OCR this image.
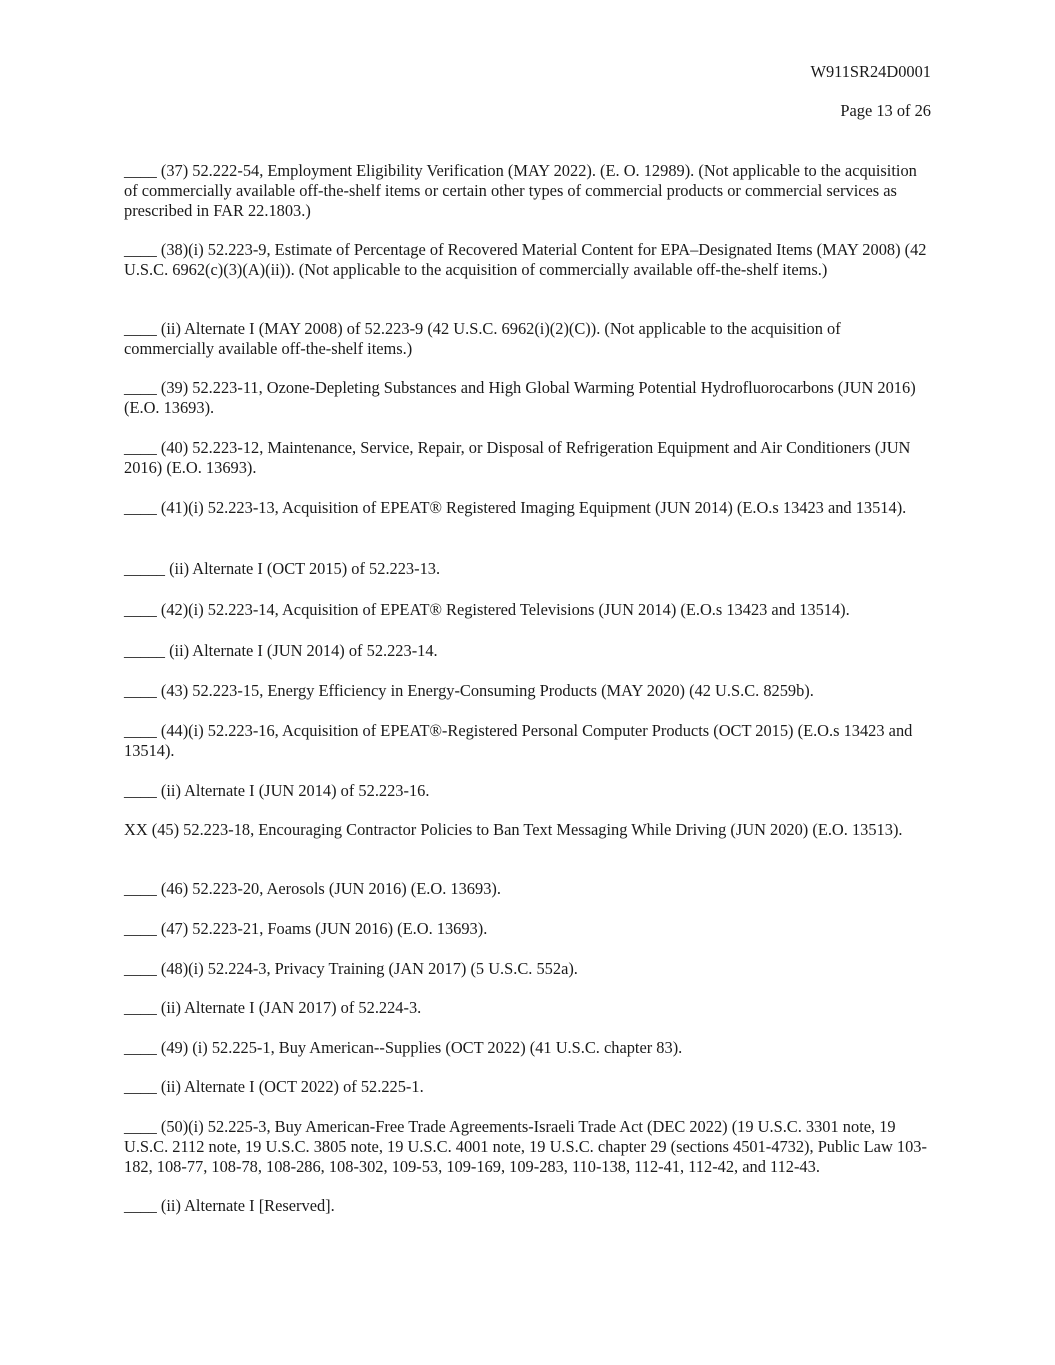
W911SR24D0001
Page 13 of 26

____ (37) 52.222-54, Employment Eligibility Verification (MAY 2022). (E. O. 12989). (Not applicable to the acquisition of commercially available off-the-shelf items or certain other types of commercial products or commercial services as prescribed in FAR 22.1803.)

____ (38)(i) 52.223-9, Estimate of Percentage of Recovered Material Content for EPA–Designated Items (MAY 2008) (42 U.S.C. 6962(c)(3)(A)(ii)). (Not applicable to the acquisition of commercially available off-the-shelf items.)

____ (ii) Alternate I (MAY 2008) of 52.223-9 (42 U.S.C. 6962(i)(2)(C)). (Not applicable to the acquisition of commercially available off-the-shelf items.)

____ (39) 52.223-11, Ozone-Depleting Substances and High Global Warming Potential Hydrofluorocarbons (JUN 2016) (E.O. 13693).

____ (40) 52.223-12, Maintenance, Service, Repair, or Disposal of Refrigeration Equipment and Air Conditioners (JUN 2016) (E.O. 13693).

____ (41)(i) 52.223-13, Acquisition of EPEAT® Registered Imaging Equipment (JUN 2014) (E.O.s 13423 and 13514).

_____ (ii) Alternate I (OCT 2015) of 52.223-13.

____ (42)(i) 52.223-14, Acquisition of EPEAT® Registered Televisions (JUN 2014) (E.O.s 13423 and 13514).

_____ (ii) Alternate I (JUN 2014) of 52.223-14.

____ (43) 52.223-15, Energy Efficiency in Energy-Consuming Products (MAY 2020) (42 U.S.C. 8259b).

____ (44)(i) 52.223-16, Acquisition of EPEAT®-Registered Personal Computer Products (OCT 2015) (E.O.s 13423 and 13514).

____ (ii) Alternate I (JUN 2014) of 52.223-16.

XX (45) 52.223-18, Encouraging Contractor Policies to Ban Text Messaging While Driving (JUN 2020) (E.O. 13513).

____ (46) 52.223-20, Aerosols (JUN 2016) (E.O. 13693).

____ (47) 52.223-21, Foams (JUN 2016) (E.O. 13693).

____ (48)(i) 52.224-3, Privacy Training (JAN 2017) (5 U.S.C. 552a).

____ (ii) Alternate I (JAN 2017) of 52.224-3.

____ (49) (i) 52.225-1, Buy American--Supplies (OCT 2022) (41 U.S.C. chapter 83).

____ (ii) Alternate I (OCT 2022) of 52.225-1.

____ (50)(i) 52.225-3, Buy American-Free Trade Agreements-Israeli Trade Act (DEC 2022) (19 U.S.C. 3301 note, 19 U.S.C. 2112 note, 19 U.S.C. 3805 note, 19 U.S.C. 4001 note, 19 U.S.C. chapter 29 (sections 4501-4732), Public Law 103-182, 108-77, 108-78, 108-286, 108-302, 109-53, 109-169, 109-283, 110-138, 112-41, 112-42, and 112-43.

____ (ii) Alternate I [Reserved].
